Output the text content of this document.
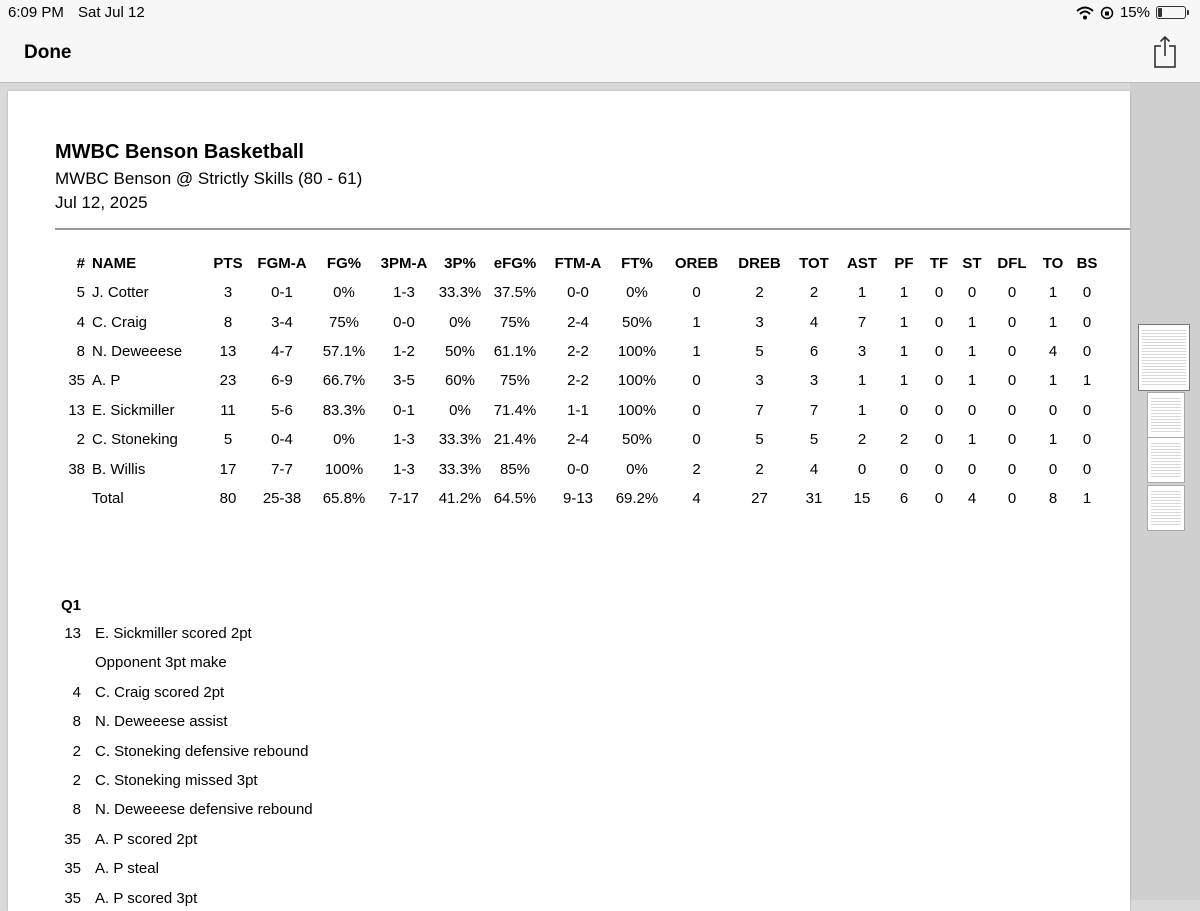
6:09 PM Sat Jul 12	15%
Done
MWBC Benson Basketball
MWBC Benson @ Strictly Skills (80 - 61)
Jul 12, 2025
#	NAME	PTS	FGM-A	FG%	3PM-A	3P%	eFG%	FTM-A	FT%	OREB	DREB	TOT	AST	PF	TF	ST	DFL	TO	BS
5	J. Cotter	3	0-1	0%	1-3	33.3%	37.5%	0-0	0%	0	2	2	1	1	0	0	0	1	0
4	C. Craig	8	3-4	75%	0-0	0%	75%	2-4	50%	1	3	4	7	1	0	1	0	1	0
8	N. Deweeese	13	4-7	57.1%	1-2	50%	61.1%	2-2	100%	1	5	6	3	1	0	1	0	4	0
35	A. P	23	6-9	66.7%	3-5	60%	75%	2-2	100%	0	3	3	1	1	0	1	0	1	1
13	E. Sickmiller	11	5-6	83.3%	0-1	0%	71.4%	1-1	100%	0	7	7	1	0	0	0	0	0	0
2	C. Stoneking	5	0-4	0%	1-3	33.3%	21.4%	2-4	50%	0	5	5	2	2	0	1	0	1	0
38	B. Willis	17	7-7	100%	1-3	33.3%	85%	0-0	0%	2	2	4	0	0	0	0	0	0	0
	Total	80	25-38	65.8%	7-17	41.2%	64.5%	9-13	69.2%	4	27	31	15	6	0	4	0	8	1
Q1
13 E. Sickmiller scored 2pt
Opponent 3pt make
4 C. Craig scored 2pt
8 N. Deweeese assist
2 C. Stoneking defensive rebound
2 C. Stoneking missed 3pt
8 N. Deweeese defensive rebound
35 A. P scored 2pt
35 A. P steal
35 A. P scored 3pt
